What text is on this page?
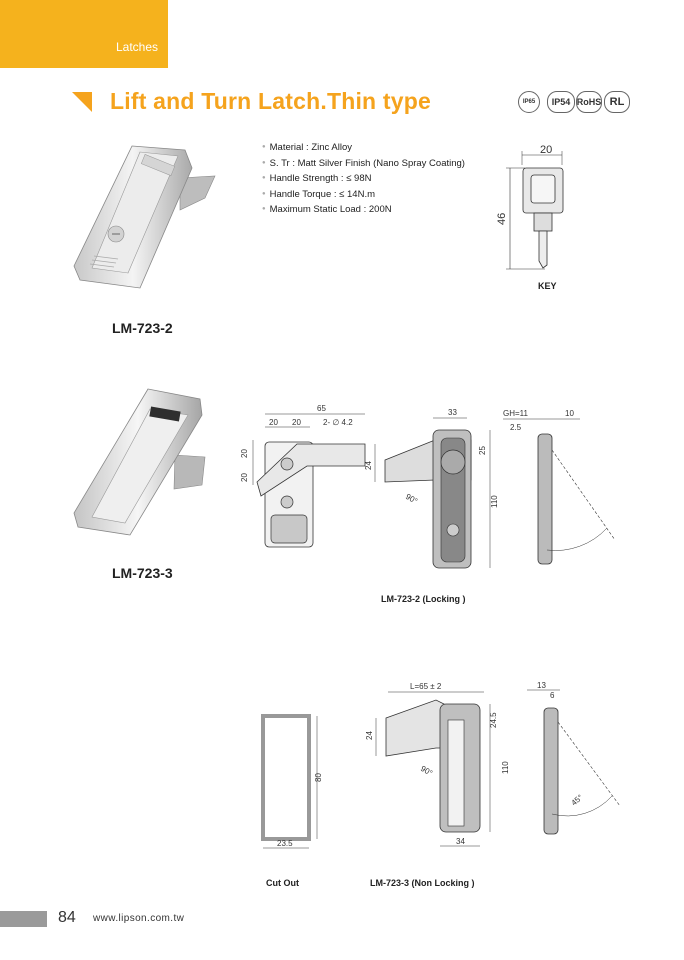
Latches
Lift and Turn Latch.Thin type	IP65	IP54 RoHS RL
● Material : Zinc Alloy
● S. Tr : Matt Silver Finish (Nano Spray Coating)
● Handle Strength : ≤ 98N
● Handle Torque : ≤ 14N.m
● Maximum Static Load : 200N
LM-723-2
20
46
KEY
LM-723-3
65
20 20	2- ∅ 4.2
20
20
24
33
90°
25
110
GH=11	10
2.5
LM-723-2 (Locking )
80
23.5
Cut Out
L=65 ± 2
24
90°
24.5
110
34
13
6
45°
LM-723-3 (Non Locking )
84 www.lipson.com.tw
